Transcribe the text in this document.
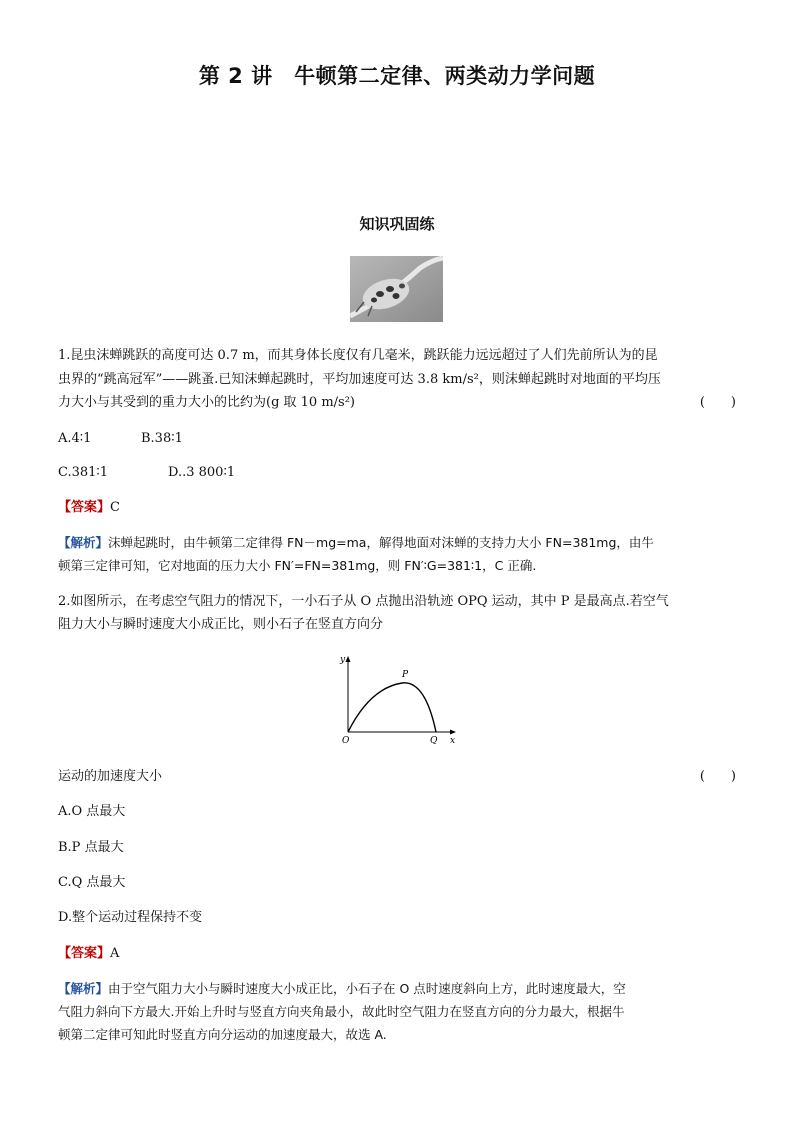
第 2 讲　牛顿第二定律、两类动力学问题
知识巩固练
1.昆虫沫蝉跳跃的高度可达 0.7 m，而其身体长度仅有几毫米，跳跃能力远远超过了人们先前所认为的昆
虫界的“跳高冠军”——跳蚤.已知沫蝉起跳时，平均加速度可达 3.8 km/s²，则沫蝉起跳时对地面的平均压
力大小与其受到的重力大小的比约为(g 取 10 m/s²)	(　　)
A.4∶1	B.38∶1
C.381∶1	D..3 800∶1
【答案】C
【解析】沫蝉起跳时，由牛顿第二定律得 FN－mg=ma，解得地面对沫蝉的支持力大小 FN=381mg，由牛
顿第三定律可知，它对地面的压力大小 FN′=FN=381mg，则 FN′∶G=381∶1，C 正确.
2.如图所示，在考虑空气阻力的情况下，一小石子从 O 点抛出沿轨迹 OPQ 运动，其中 P 是最高点.若空气
阻力大小与瞬时速度大小成正比，则小石子在竖直方向分
y
x
O
P
Q
运动的加速度大小	(　　)
A.O 点最大
B.P 点最大
C.Q 点最大
D.整个运动过程保持不变
【答案】A
【解析】由于空气阻力大小与瞬时速度大小成正比，小石子在 O 点时速度斜向上方，此时速度最大，空
气阻力斜向下方最大.开始上升时与竖直方向夹角最小，故此时空气阻力在竖直方向的分力最大，根据牛
顿第二定律可知此时竖直方向分运动的加速度最大，故选 A.
